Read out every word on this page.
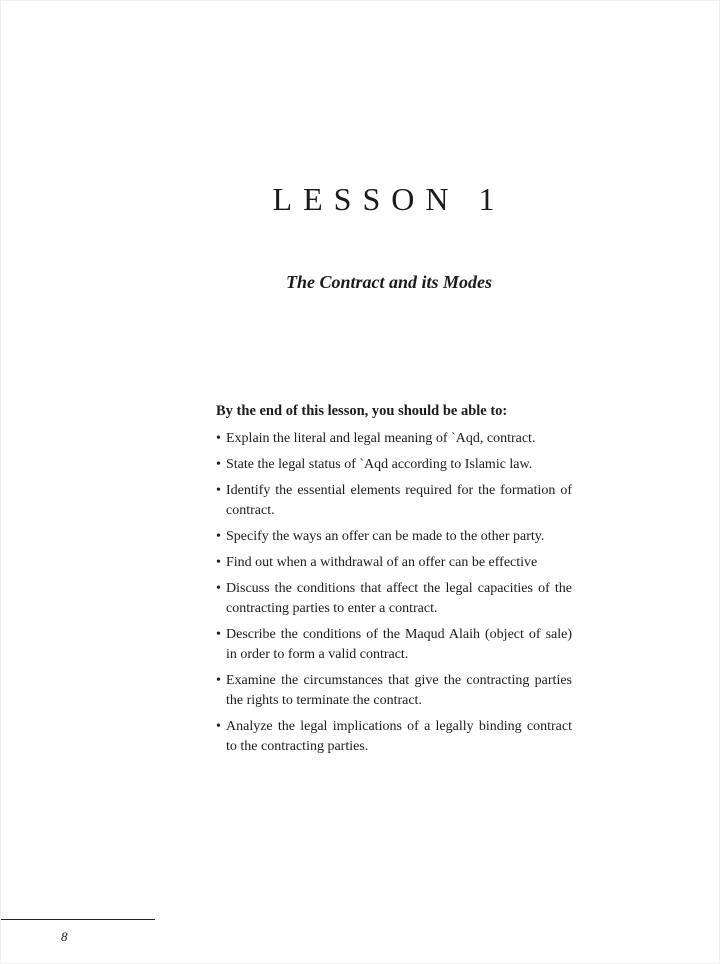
LESSON 1
The Contract and its Modes

By the end of this lesson, you should be able to:

• Explain the literal and legal meaning of `Aqd, contract.
• State the legal status of `Aqd according to Islamic law.
• Identify the essential elements required for the formation of contract.
• Specify the ways an offer can be made to the other party.
• Find out when a withdrawal of an offer can be effective
• Discuss the conditions that affect the legal capacities of the contracting parties to enter a contract.
• Describe the conditions of the Maqud Alaih (object of sale) in order to form a valid contract.
• Examine the circumstances that give the contracting parties the rights to terminate the contract.
• Analyze the legal implications of a legally binding contract to the contracting parties.
8
